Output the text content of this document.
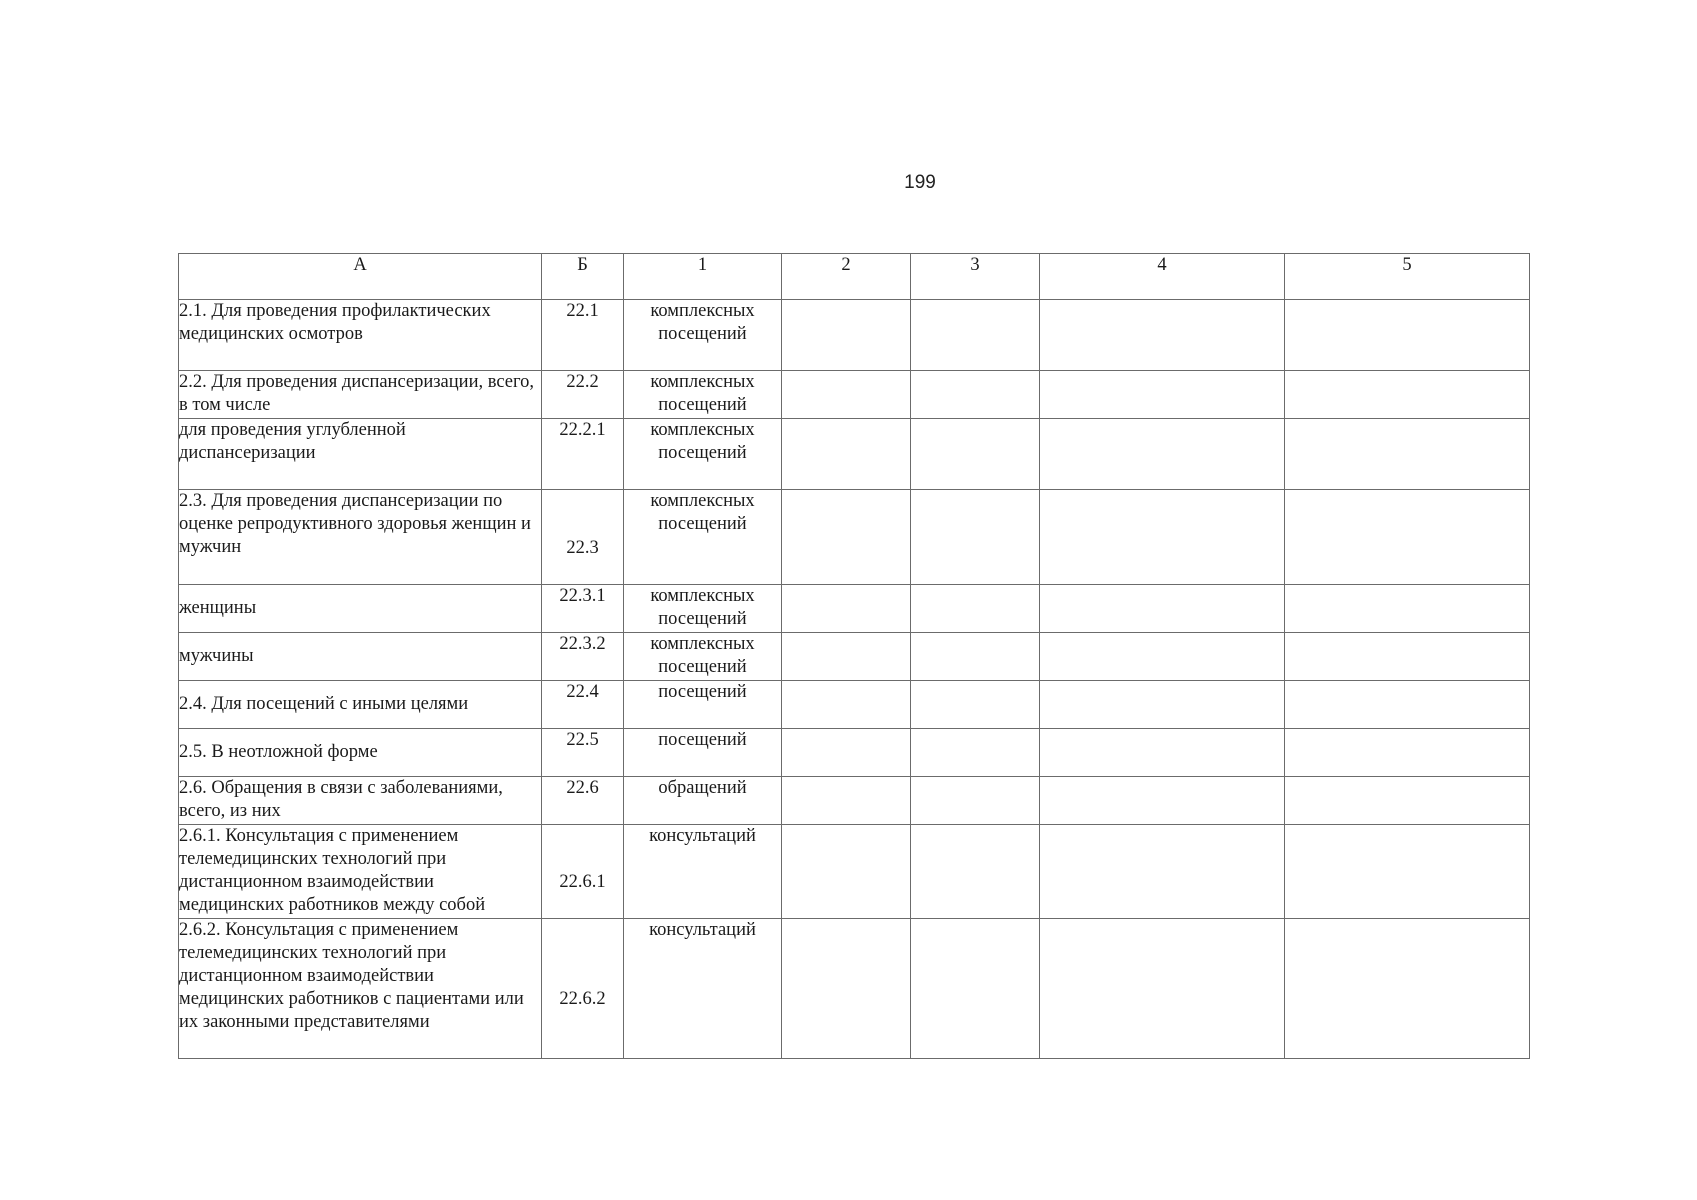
199
А	Б	1	2	3	4	5
2.1. Для проведения профилактических медицинских осмотров	22.1	комплексных посещений				
2.2. Для проведения диспансеризации, всего, в том числе	22.2	комплексных посещений				
для проведения углубленной диспансеризации	22.2.1	комплексных посещений				
2.3. Для проведения диспансеризации по оценке репродуктивного здоровья женщин и мужчин	22.3	комплексных посещений				
женщины	22.3.1	комплексных посещений				
мужчины	22.3.2	комплексных посещений				
2.4. Для посещений с иными целями	22.4	посещений				
2.5. В неотложной форме	22.5	посещений				
2.6. Обращения в связи с заболеваниями, всего, из них	22.6	обращений				
2.6.1. Консультация с применением телемедицинских технологий при дистанционном взаимодействии медицинских работников между собой	22.6.1	консультаций				
2.6.2. Консультация с применением телемедицинских технологий при дистанционном взаимодействии медицинских работников с пациентами или их законными представителями	22.6.2	консультаций				
